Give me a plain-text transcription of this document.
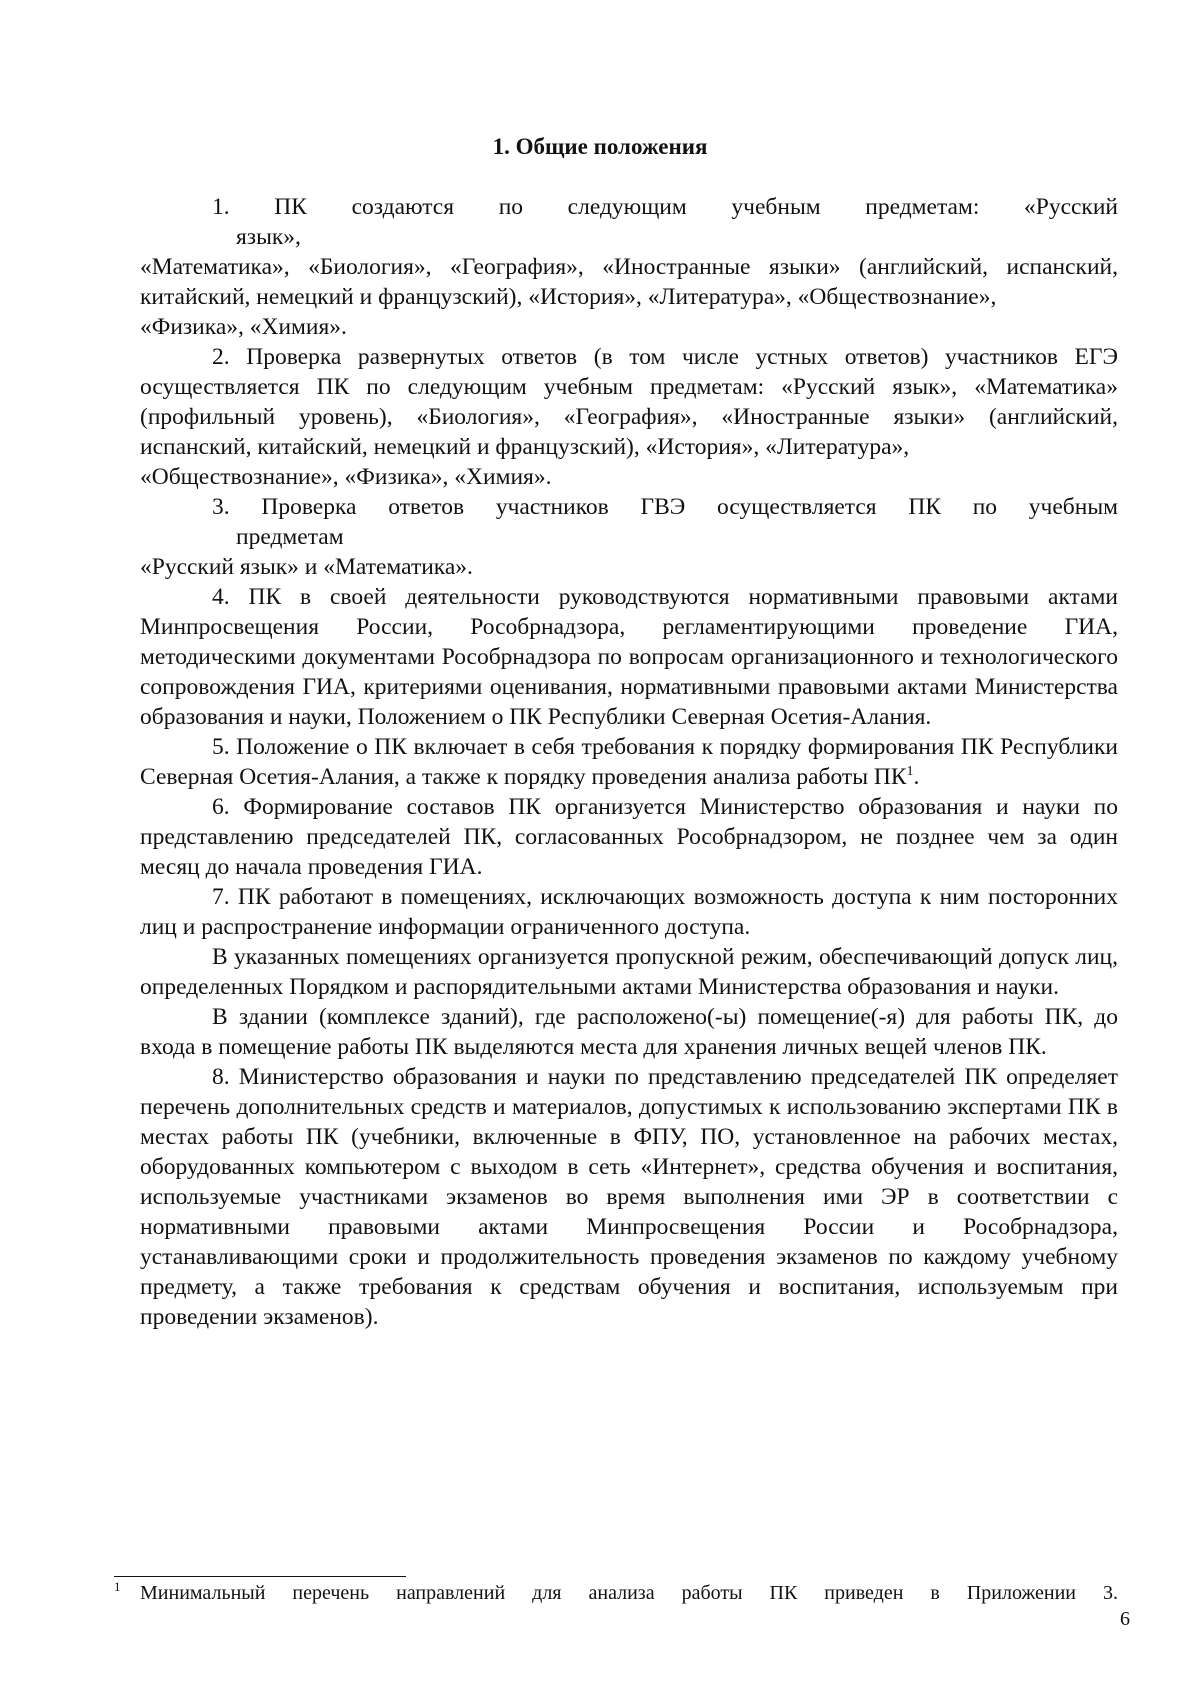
1. Общие положения

1. ПК создаются по следующим учебным предметам: «Русский

язык»,

«Математика», «Биология», «География», «Иностранные языки» (английский, испанский, китайский, немецкий и французский), «История», «Литература», «Обществознание»,

«Физика», «Химия».

2. Проверка развернутых ответов (в том числе устных ответов) участников ЕГЭ осуществляется ПК по следующим учебным предметам: «Русский язык», «Математика» (профильный уровень), «Биология», «География», «Иностранные языки» (английский, испанский, китайский, немецкий и французский), «История», «Литература»,

«Обществознание», «Физика», «Химия».

3. Проверка ответов участников ГВЭ осуществляется ПК по учебным

предметам

«Русский язык» и «Математика».

4. ПК в своей деятельности руководствуются нормативными правовыми актами Минпросвещения России, Рособрнадзора, регламентирующими проведение ГИА, методическими документами Рособрнадзора по вопросам организационного и технологического сопровождения ГИА, критериями оценивания, нормативными правовыми актами Министерства образования и науки, Положением о ПК Республики Северная Осетия-Алания.

5. Положение о ПК включает в себя требования к порядку формирования ПК Республики Северная Осетия-Алания, а также к порядку проведения анализа работы $ПК^1$.

6. Формирование составов ПК организуется Министерство образования и науки по представлению председателей ПК, согласованных Рособрнадзором, не позднее чем за один месяц до начала проведения ГИА.

7. ПК работают в помещениях, исключающих возможность доступа к ним посторонних лиц и распространение информации ограниченного доступа.

В указанных помещениях организуется пропускной режим, обеспечивающий допуск лиц, определенных Порядком и распорядительными актами Министерства образования и науки.

В здании (комплексе зданий), где расположено(-ы) помещение(-я) для работы ПК, до входа в помещение работы ПК выделяются места для хранения личных вещей членов ПК.

8. Министерство образования и науки по представлению председателей ПК определяет перечень дополнительных средств и материалов, допустимых к использованию экспертами ПК в местах работы ПК (учебники, включенные в ФПУ, ПО, установленное на рабочих местах, оборудованных компьютером с выходом в сеть «Интернет», средства обучения и воспитания, используемые участниками экзаменов во время выполнения ими ЭР в соответствии с нормативными правовыми актами Минпросвещения России и Рособрнадзора, устанавливающими сроки и продолжительность проведения экзаменов по каждому учебному предмету, а также требования к средствам обучения и воспитания, используемым при проведении экзаменов).

1 Минимальный перечень направлений для анализа работы ПК приведен в Приложении 3.
6
